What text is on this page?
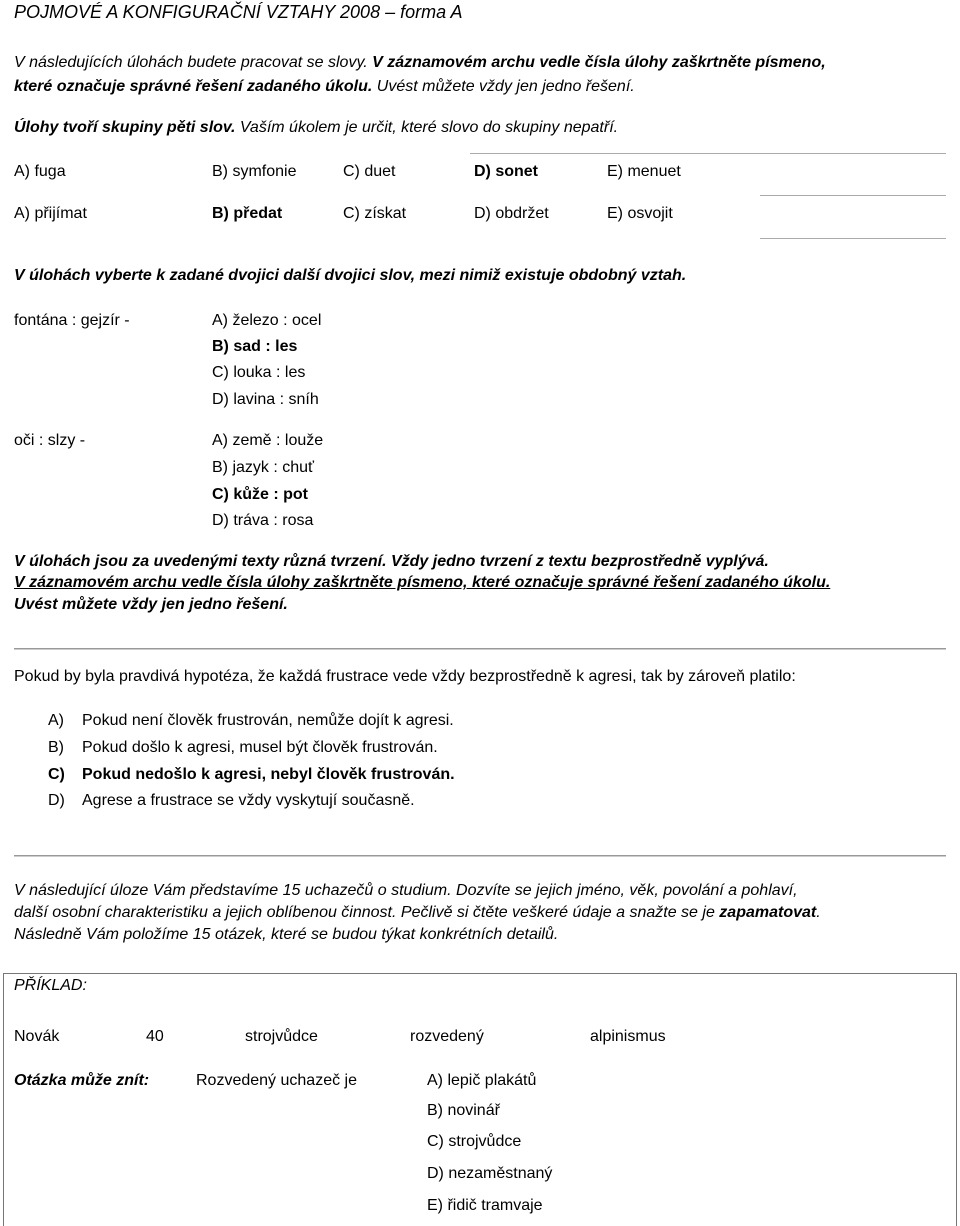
POJMOVÉ A KONFIGURAČNÍ VZTAHY 2008 – forma A
V následujících úlohách budete pracovat se slovy. V záznamovém archu vedle čísla úlohy zaškrtněte písmeno,
které označuje správné řešení zadaného úkolu. Uvést můžete vždy jen jedno řešení.
Úlohy tvoří skupiny pěti slov. Vaším úkolem je určit, které slovo do skupiny nepatří.
A) fuga	B) symfonie	C) duet	D) sonet	E) menuet
A) přijímat	B) předat	C) získat	D) obdržet	E) osvojit
V úlohách vyberte k zadané dvojici další dvojici slov, mezi nimiž existuje obdobný vztah.
fontána : gejzír -	A) železo : ocel
B) sad : les
C) louka : les
D) lavina : sníh
oči : slzy -	A) země : louže
B) jazyk : chuť
C) kůže : pot
D) tráva : rosa
V úlohách jsou za uvedenými texty různá tvrzení. Vždy jedno tvrzení z textu bezprostředně vyplývá.
V záznamovém archu vedle čísla úlohy zaškrtněte písmeno, které označuje správné řešení zadaného úkolu.
Uvést můžete vždy jen jedno řešení.
Pokud by byla pravdivá hypotéza, že každá frustrace vede vždy bezprostředně k agresi, tak by zároveň platilo:
A) Pokud není člověk frustrován, nemůže dojít k agresi.
B) Pokud došlo k agresi, musel být člověk frustrován.
C) Pokud nedošlo k agresi, nebyl člověk frustrován.
D) Agrese a frustrace se vždy vyskytují současně.
V následující úloze Vám představíme 15 uchazečů o studium. Dozvíte se jejich jméno, věk, povolání a pohlaví,
další osobní charakteristiku a jejich oblíbenou činnost. Pečlivě si čtěte veškeré údaje a snažte se je zapamatovat.
Následně Vám položíme 15 otázek, které se budou týkat konkrétních detailů.
PŘÍKLAD:
Novák	40	strojvůdce	rozvedený	alpinismus
Otázka může znít:	Rozvedený uchazeč je	A) lepič plakátů
B) novinář
C) strojvůdce
D) nezaměstnaný
E) řidič tramvaje
